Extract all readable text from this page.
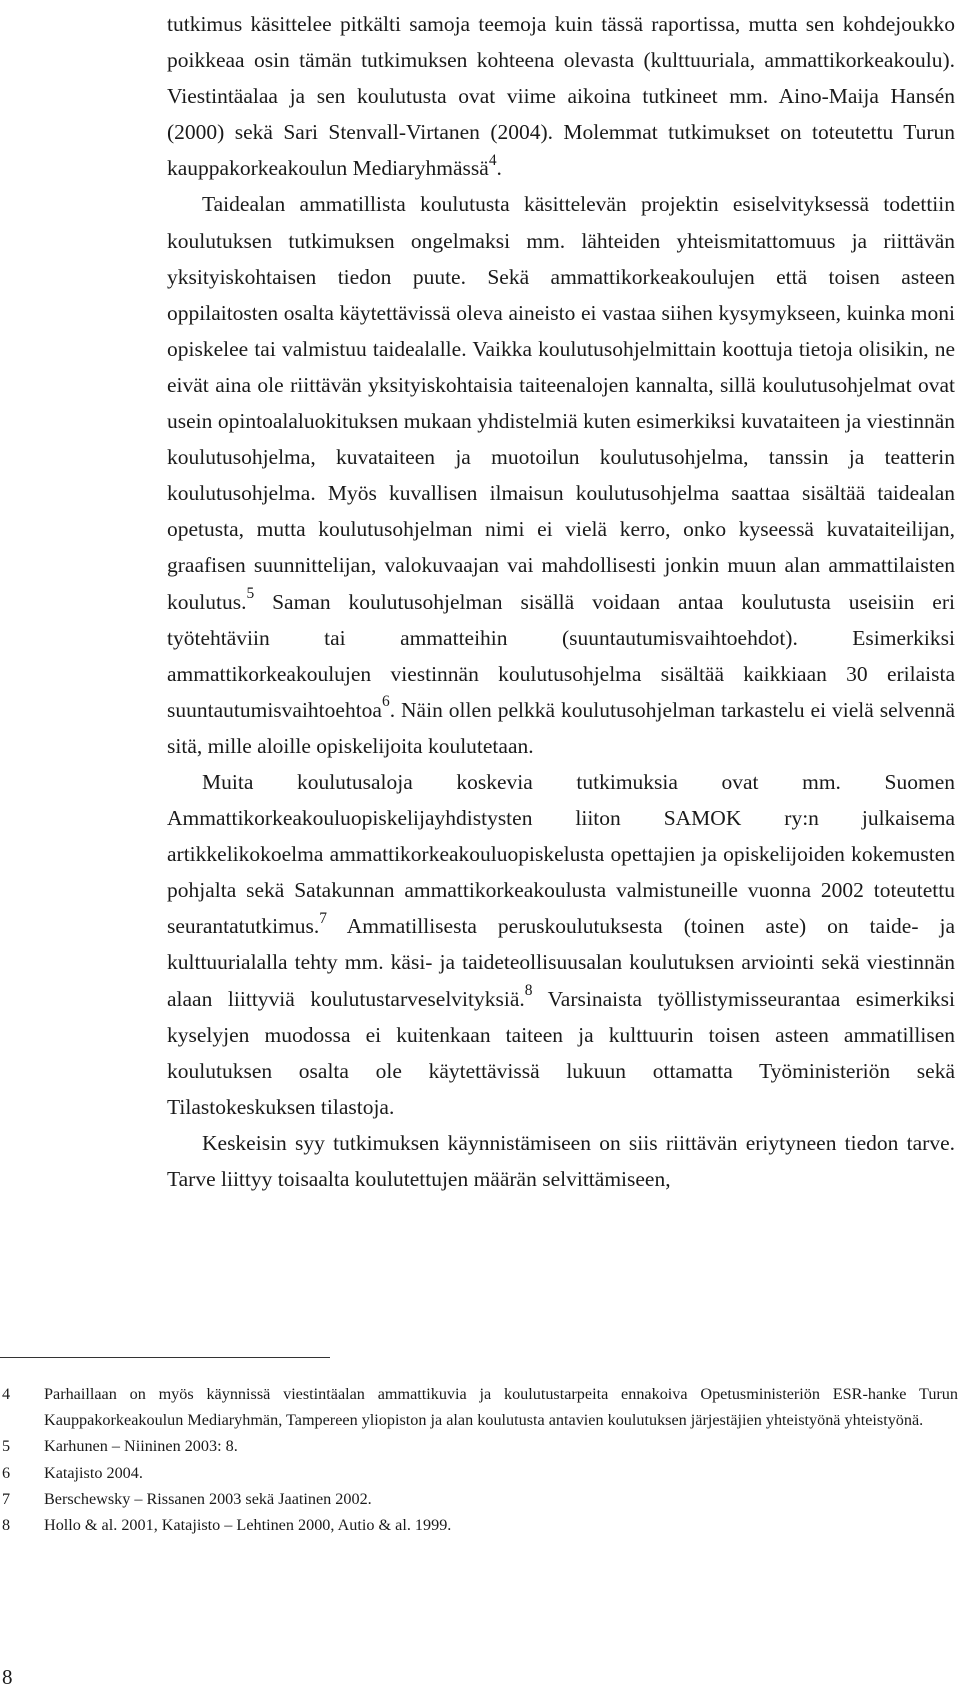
tutkimus käsittelee pitkälti samoja teemoja kuin tässä raportissa, mutta sen kohdejoukko poikkeaa osin tämän tutkimuksen kohteena olevasta (kulttuuriala, ammattikorkeakoulu). Viestintäalaa ja sen koulutusta ovat viime aikoina tutkineet mm. Aino-Maija Hansén (2000) sekä Sari Stenvall-Virtanen (2004). Molemmat tutkimukset on toteutettu Turun kauppakorkeakoulun Mediaryhmässä$^4$.

Taidealan ammatillista koulutusta käsittelevän projektin esiselvityksessä todettiin koulutuksen tutkimuksen ongelmaksi mm. lähteiden yhteismitattomuus ja riittävän yksityiskohtaisen tiedon puute. Sekä ammattikorkeakoulujen että toisen asteen oppilaitosten osalta käytettävissä oleva aineisto ei vastaa siihen kysymykseen, kuinka moni opiskelee tai valmistuu taidealalle. Vaikka koulutusohjelmittain koottuja tietoja olisikin, ne eivät aina ole riittävän yksityiskohtaisia taiteenalojen kannalta, sillä koulutusohjelmat ovat usein opintoalaluokituksen mukaan yhdistelmiä kuten esimerkiksi kuvataiteen ja viestinnän koulutusohjelma, kuvataiteen ja muotoilun koulutusohjelma, tanssin ja teatterin koulutusohjelma. Myös kuvallisen ilmaisun koulutusohjelma saattaa sisältää taidealan opetusta, mutta koulutusohjelman nimi ei vielä kerro, onko kyseessä kuvataiteilijan, graafisen suunnittelijan, valokuvaajan vai mahdollisesti jonkin muun alan ammattilaisten koulutus.$^5$ Saman koulutusohjelman sisällä voidaan antaa koulutusta useisiin eri työtehtäviin tai ammatteihin (suuntautumisvaihtoehdot). Esimerkiksi ammattikorkeakoulujen viestinnän koulutusohjelma sisältää kaikkiaan 30 erilaista suuntautumisvaihtoehtoa$^6$. Näin ollen pelkkä koulutusohjelman tarkastelu ei vielä selvennä sitä, mille aloille opiskelijoita koulutetaan.

Muita koulutusaloja koskevia tutkimuksia ovat mm. Suomen Ammattikorkeakouluopiskelijayhdistysten liiton SAMOK ry:n julkaisema artikkelikokoelma ammattikorkeakouluopiskelusta opettajien ja opiskelijoiden kokemusten pohjalta sekä Satakunnan ammattikorkeakoulusta valmistuneille vuonna 2002 toteutettu seurantatutkimus.$^7$ Ammatillisesta peruskoulutuksesta (toinen aste) on taide- ja kulttuurialalla tehty mm. käsi- ja taideteollisuusalan koulutuksen arviointi sekä viestinnän alaan liittyviä koulutustarveselvityksiä.$^8$ Varsinaista työllistymisseurantaa esimerkiksi kyselyjen muodossa ei kuitenkaan taiteen ja kulttuurin toisen asteen ammatillisen koulutuksen osalta ole käytettävissä lukuun ottamatta Työministeriön sekä Tilastokeskuksen tilastoja.

Keskeisin syy tutkimuksen käynnistämiseen on siis riittävän eriytyneen tiedon tarve. Tarve liittyy toisaalta koulutettujen määrän selvittämiseen,

4	Parhaillaan on myös käynnissä viestintäalan ammattikuvia ja koulutustarpeita ennakoiva Opetusministeriön ESR-hanke Turun Kauppakorkeakoulun Mediaryhmän, Tampereen yliopiston ja alan koulutusta antavien koulutuksen järjestäjien yhteistyönä yhteistyönä.
5	Karhunen – Niininen 2003: 8.
6	Katajisto 2004.
7	Berschewsky – Rissanen 2003 sekä Jaatinen 2002.
8	Hollo & al. 2001, Katajisto – Lehtinen 2000, Autio & al. 1999.
8
